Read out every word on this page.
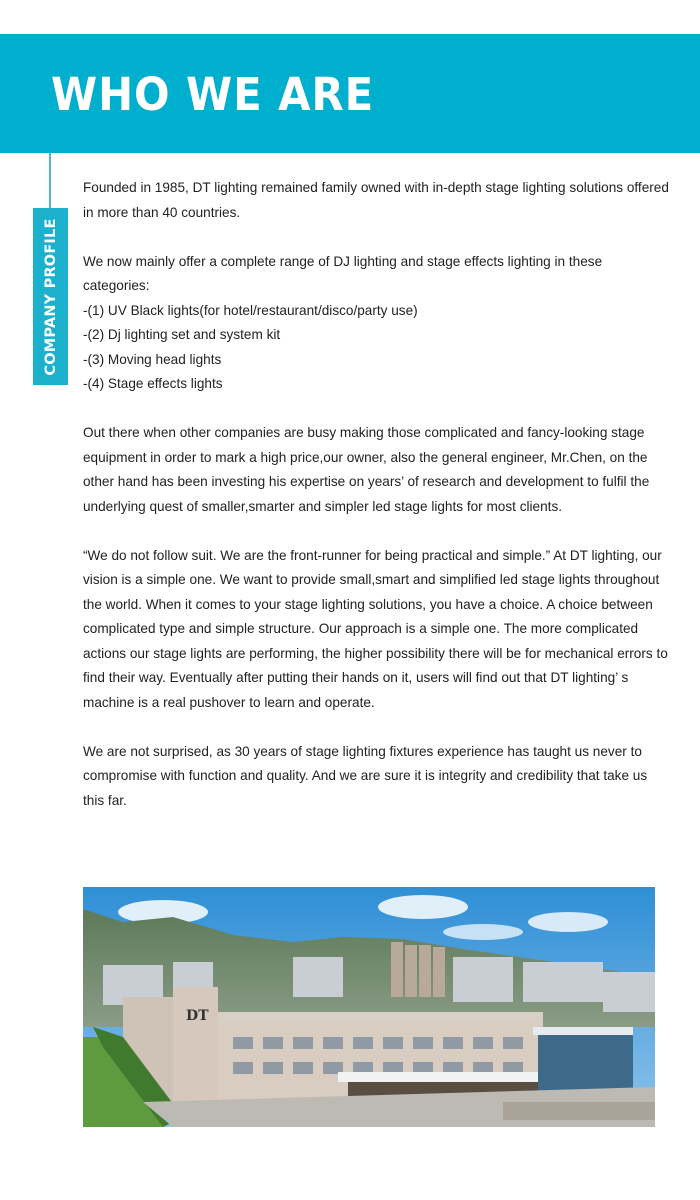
WHO WE ARE
COMPANY PROFILE

Founded in 1985, DT lighting remained family owned with in-depth stage lighting solutions offered
in more than 40 countries.

We now mainly offer a complete range of DJ lighting and stage effects lighting in these
categories:
-(1) UV Black lights(for hotel/restaurant/disco/party use)
-(2) Dj lighting set and system kit
-(3) Moving head lights
-(4) Stage effects lights

Out there when other companies are busy making those complicated and fancy-looking stage
equipment in order to mark a high price,our owner, also the general engineer, Mr.Chen, on the
other hand has been investing his expertise on years’ of research and development to fulfil the
underlying quest of smaller,smarter and simpler led stage lights for most clients.

“We do not follow suit. We are the front-runner for being practical and simple.” At DT lighting, our
vision is a simple one. We want to provide small,smart and simplified led stage lights throughout
the world. When it comes to your stage lighting solutions, you have a choice. A choice between
complicated type and simple structure. Our approach is a simple one. The more complicated
actions our stage lights are performing, the higher possibility there will be for mechanical errors to
find their way. Eventually after putting their hands on it, users will find out that DT lighting’ s
machine is a real pushover to learn and operate.

We are not surprised, as 30 years of stage lighting fixtures experience has taught us never to
compromise with function and quality. And we are sure it is integrity and credibility that take us
this far.

DT
